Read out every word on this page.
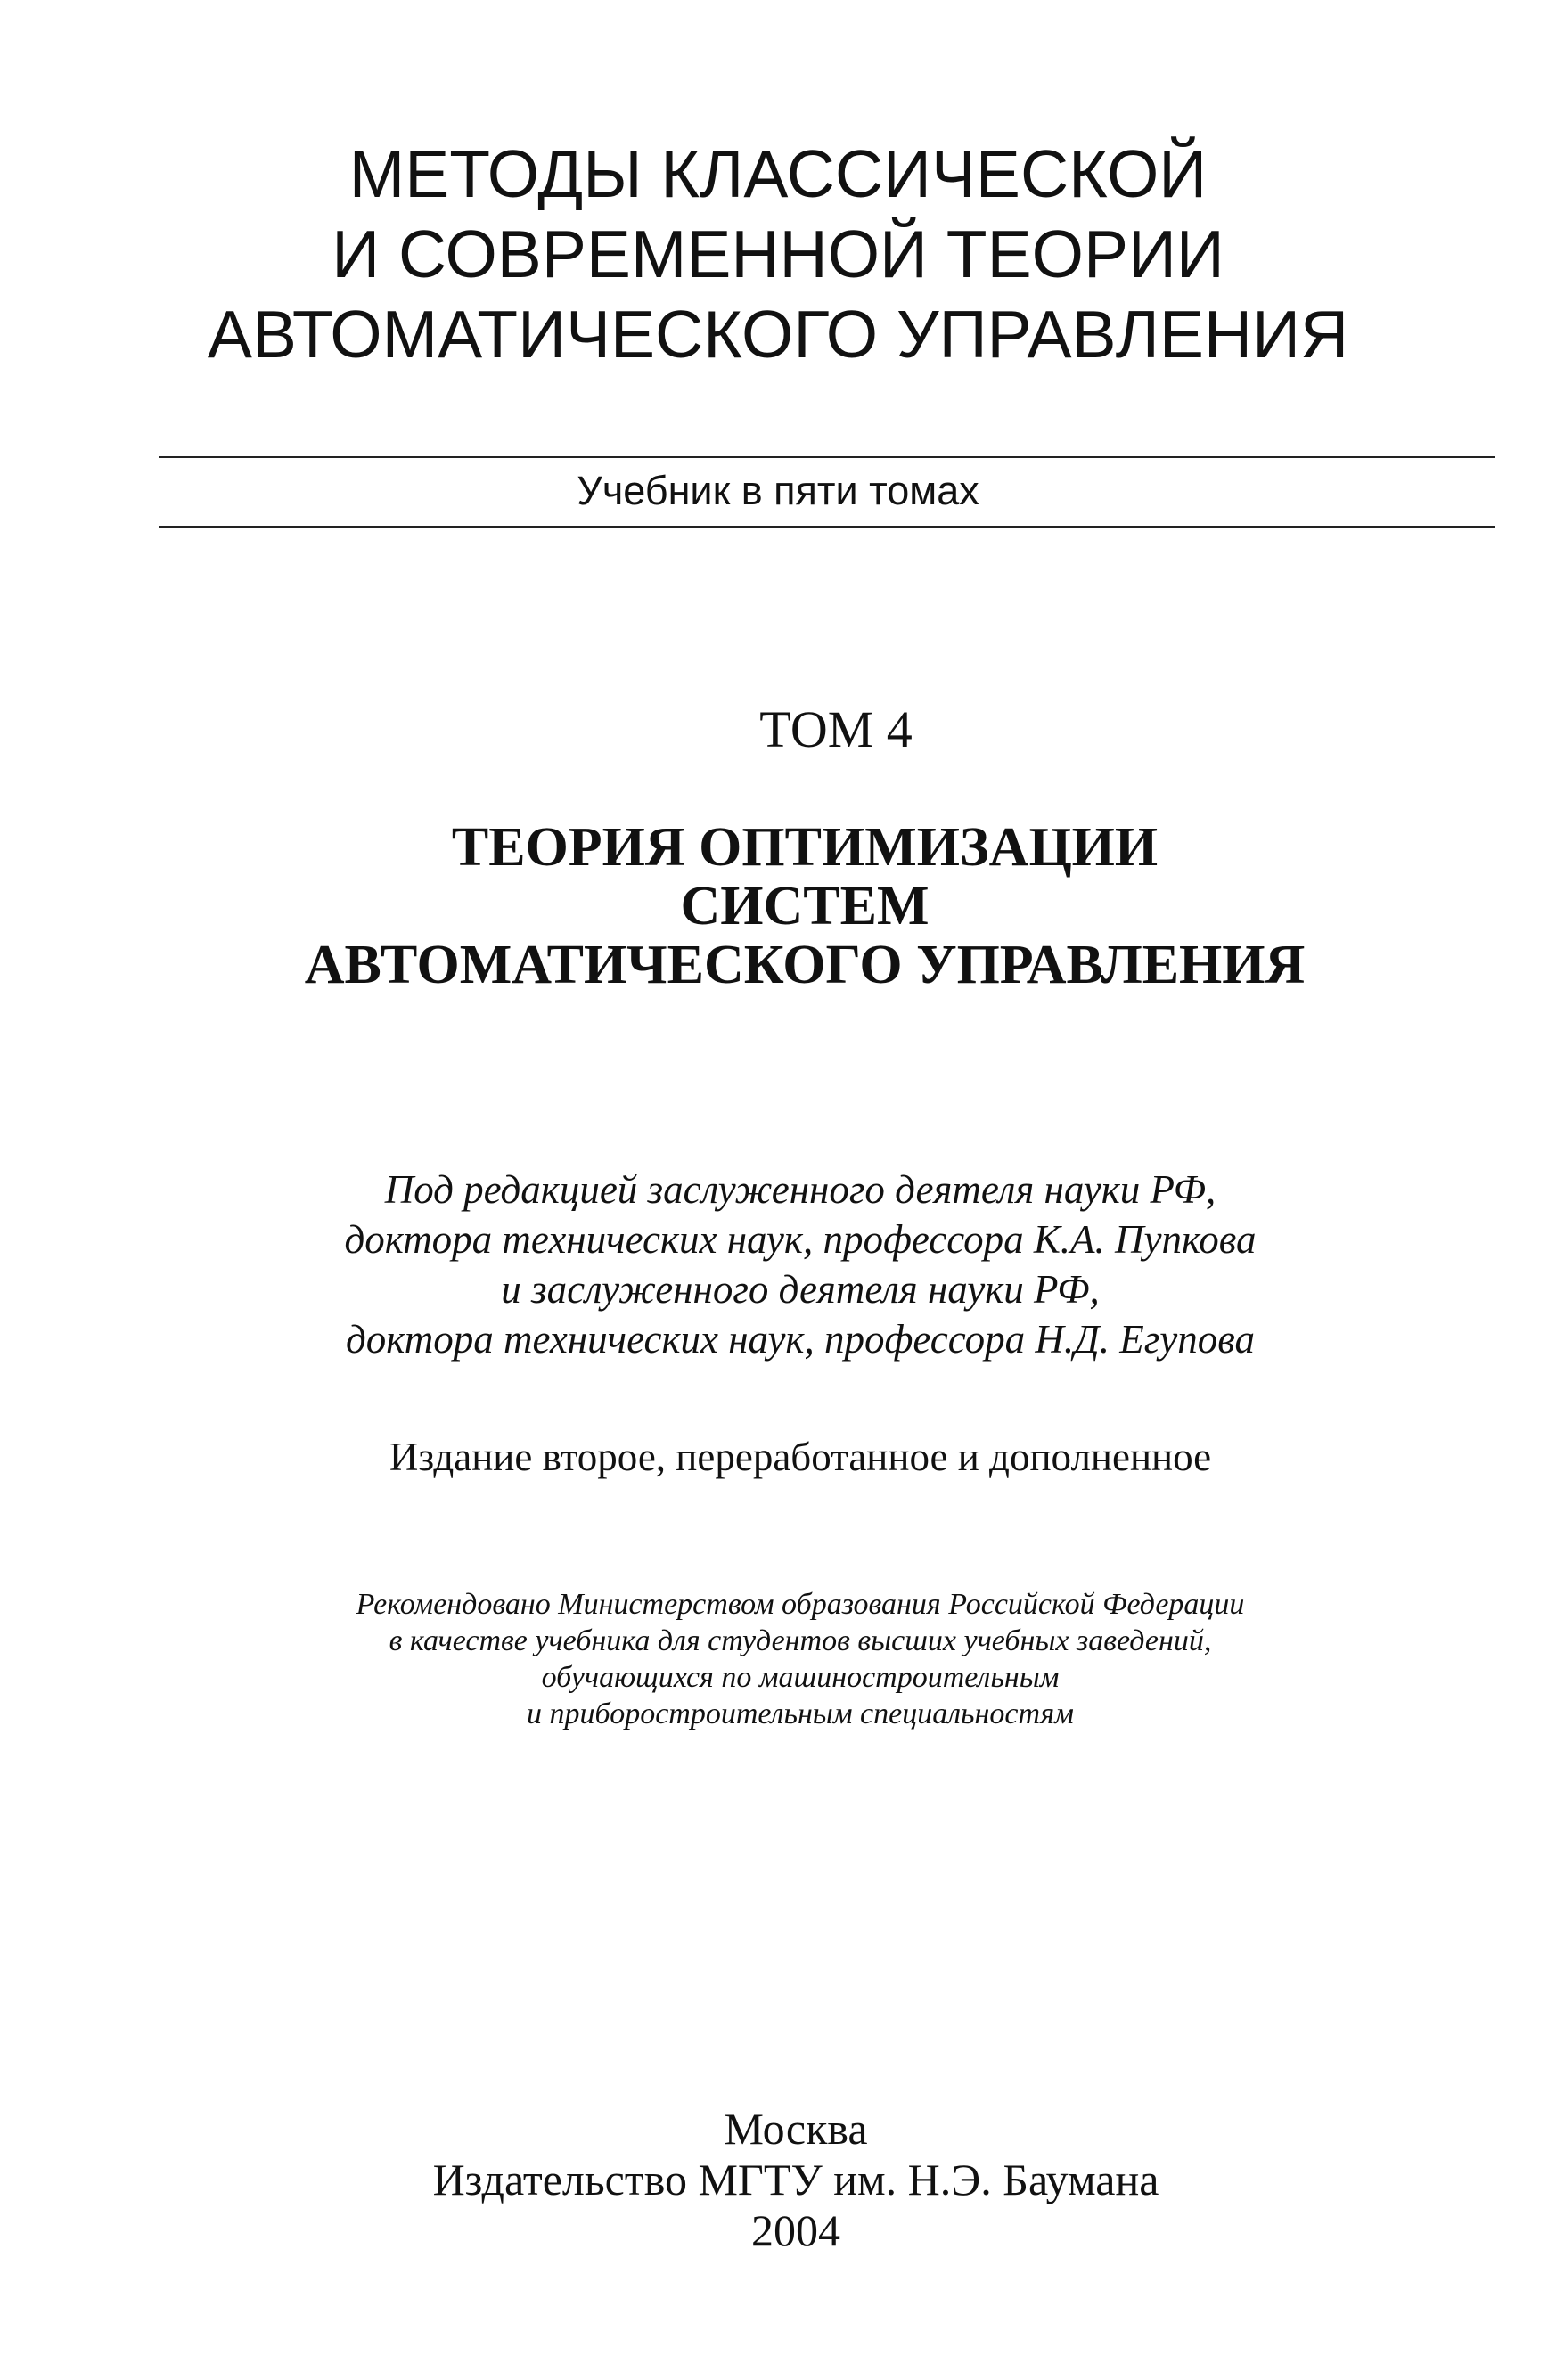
МЕТОДЫ КЛАССИЧЕСКОЙ
И СОВРЕМЕННОЙ ТЕОРИИ
АВТОМАТИЧЕСКОГО УПРАВЛЕНИЯ
Учебник в пяти томах
ТОМ 4
ТЕОРИЯ ОПТИМИЗАЦИИ
СИСТЕМ
АВТОМАТИЧЕСКОГО УПРАВЛЕНИЯ
Под редакцией заслуженного деятеля науки РФ,
доктора технических наук, профессора К.А. Пупкова
и заслуженного деятеля науки РФ,
доктора технических наук, профессора Н.Д. Егупова
Издание второе, переработанное и дополненное
Рекомендовано Министерством образования Российской Федерации
в качестве учебника для студентов высших учебных заведений,
обучающихся по машиностроительным
и приборостроительным специальностям
Москва
Издательство МГТУ им. Н.Э. Баумана
2004
